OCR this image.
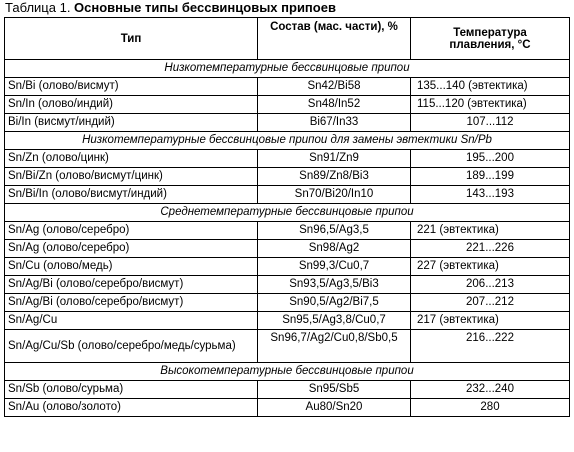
Таблица 1. Основные типы бессвинцовых припоев
Тип	Состав (мас. части), %	Температура
плавления, °C
Низкотемпературные бессвинцовые припои		
Sn/Bi (олово/висмут)	Sn42/Bi58	135...140 (эвтектика)
Sn/In (олово/индий)	Sn48/In52	115...120 (эвтектика)
Bi/In (висмут/индий)	Bi67/In33	107...112
Низкотемпературные бессвинцовые припои для замены эвтектики Sn/Pb		
Sn/Zn (олово/цинк)	Sn91/Zn9	195...200
Sn/Bi/Zn (олово/висмут/цинк)	Sn89/Zn8/Bi3	189...199
Sn/Bi/In (олово/висмут/индий)	Sn70/Bi20/In10	143...193
Среднетемпературные бессвинцовые припои		
Sn/Ag (олово/серебро)	Sn96,5/Ag3,5	221 (эвтектика)
Sn/Ag (олово/серебро)	Sn98/Ag2	221...226
Sn/Cu (олово/медь)	Sn99,3/Cu0,7	227 (эвтектика)
Sn/Ag/Bi (олово/серебро/висмут)	Sn93,5/Ag3,5/Bi3	206...213
Sn/Ag/Bi (олово/серебро/висмут)	Sn90,5/Ag2/Bi7,5	207...212
Sn/Ag/Cu	Sn95,5/Ag3,8/Cu0,7	217 (эвтектика)
Sn/Ag/Cu/Sb (олово/серебро/медь/сурьма)	Sn96,7/Ag2/Cu0,8/Sb0,5	216...222
Высокотемпературные бессвинцовые припои		
Sn/Sb (олово/сурьма)	Sn95/Sb5	232...240
Sn/Au (олово/золото)	Au80/Sn20	280
